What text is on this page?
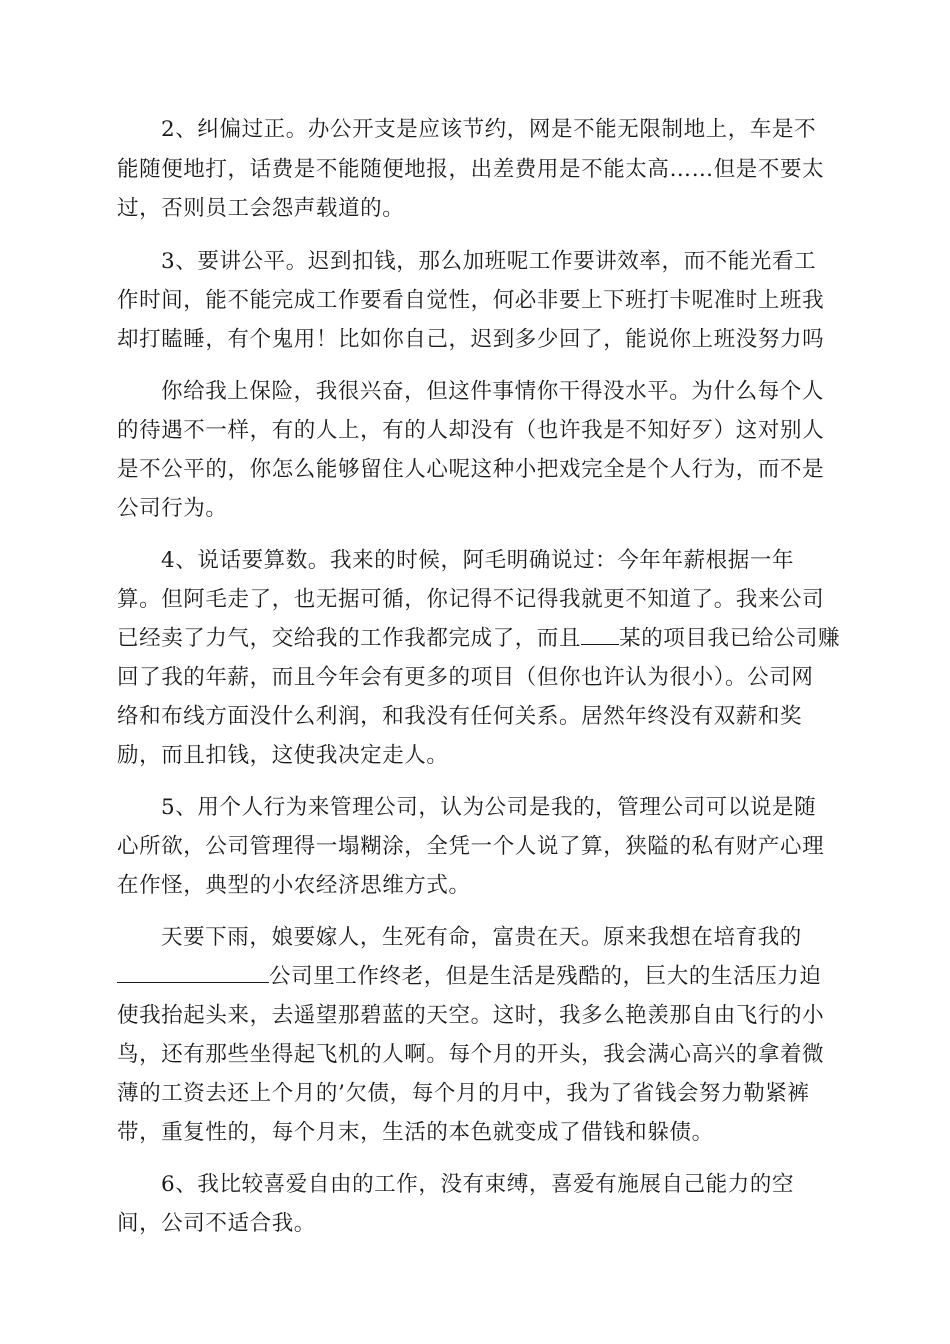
2、纠偏过正。办公开支是应该节约，网是不能无限制地上，车是不
能随便地打，话费是不能随便地报，出差费用是不能太高……但是不要太
过，否则员工会怨声载道的。
3、要讲公平。迟到扣钱，那么加班呢工作要讲效率，而不能光看工
作时间，能不能完成工作要看自觉性，何必非要上下班打卡呢准时上班我
却打瞌睡，有个鬼用！比如你自己，迟到多少回了，能说你上班没努力吗
你给我上保险，我很兴奋，但这件事情你干得没水平。为什么每个人
的待遇不一样，有的人上，有的人却没有（也许我是不知好歹）这对别人
是不公平的，你怎么能够留住人心呢这种小把戏完全是个人行为，而不是
公司行为。
4、说话要算数。我来的时候，阿毛明确说过：今年年薪根据一年
算。但阿毛走了，也无据可循，你记得不记得我就更不知道了。我来公司
已经卖了力气，交给我的工作我都完成了，而且 某的项目我已给公司赚
回了我的年薪，而且今年会有更多的项目（但你也许认为很小）。公司网
络和布线方面没什么利润，和我没有任何关系。居然年终没有双薪和奖
励，而且扣钱，这使我决定走人。
5、用个人行为来管理公司，认为公司是我的，管理公司可以说是随
心所欲，公司管理得一塌糊涂，全凭一个人说了算，狭隘的私有财产心理
在作怪，典型的小农经济思维方式。
天要下雨，娘要嫁人，生死有命，富贵在天。原来我想在培育我的
公司里工作终老，但是生活是残酷的，巨大的生活压力迫
使我抬起头来，去遥望那碧蓝的天空。这时，我多么艳羡那自由飞行的小
鸟，还有那些坐得起飞机的人啊。每个月的开头，我会满心高兴的拿着微
薄的工资去还上个月的’欠债，每个月的月中，我为了省钱会努力勒紧裤
带，重复性的，每个月末，生活的本色就变成了借钱和躲债。
6、我比较喜爱自由的工作，没有束缚，喜爱有施展自己能力的空
间，公司不适合我。
